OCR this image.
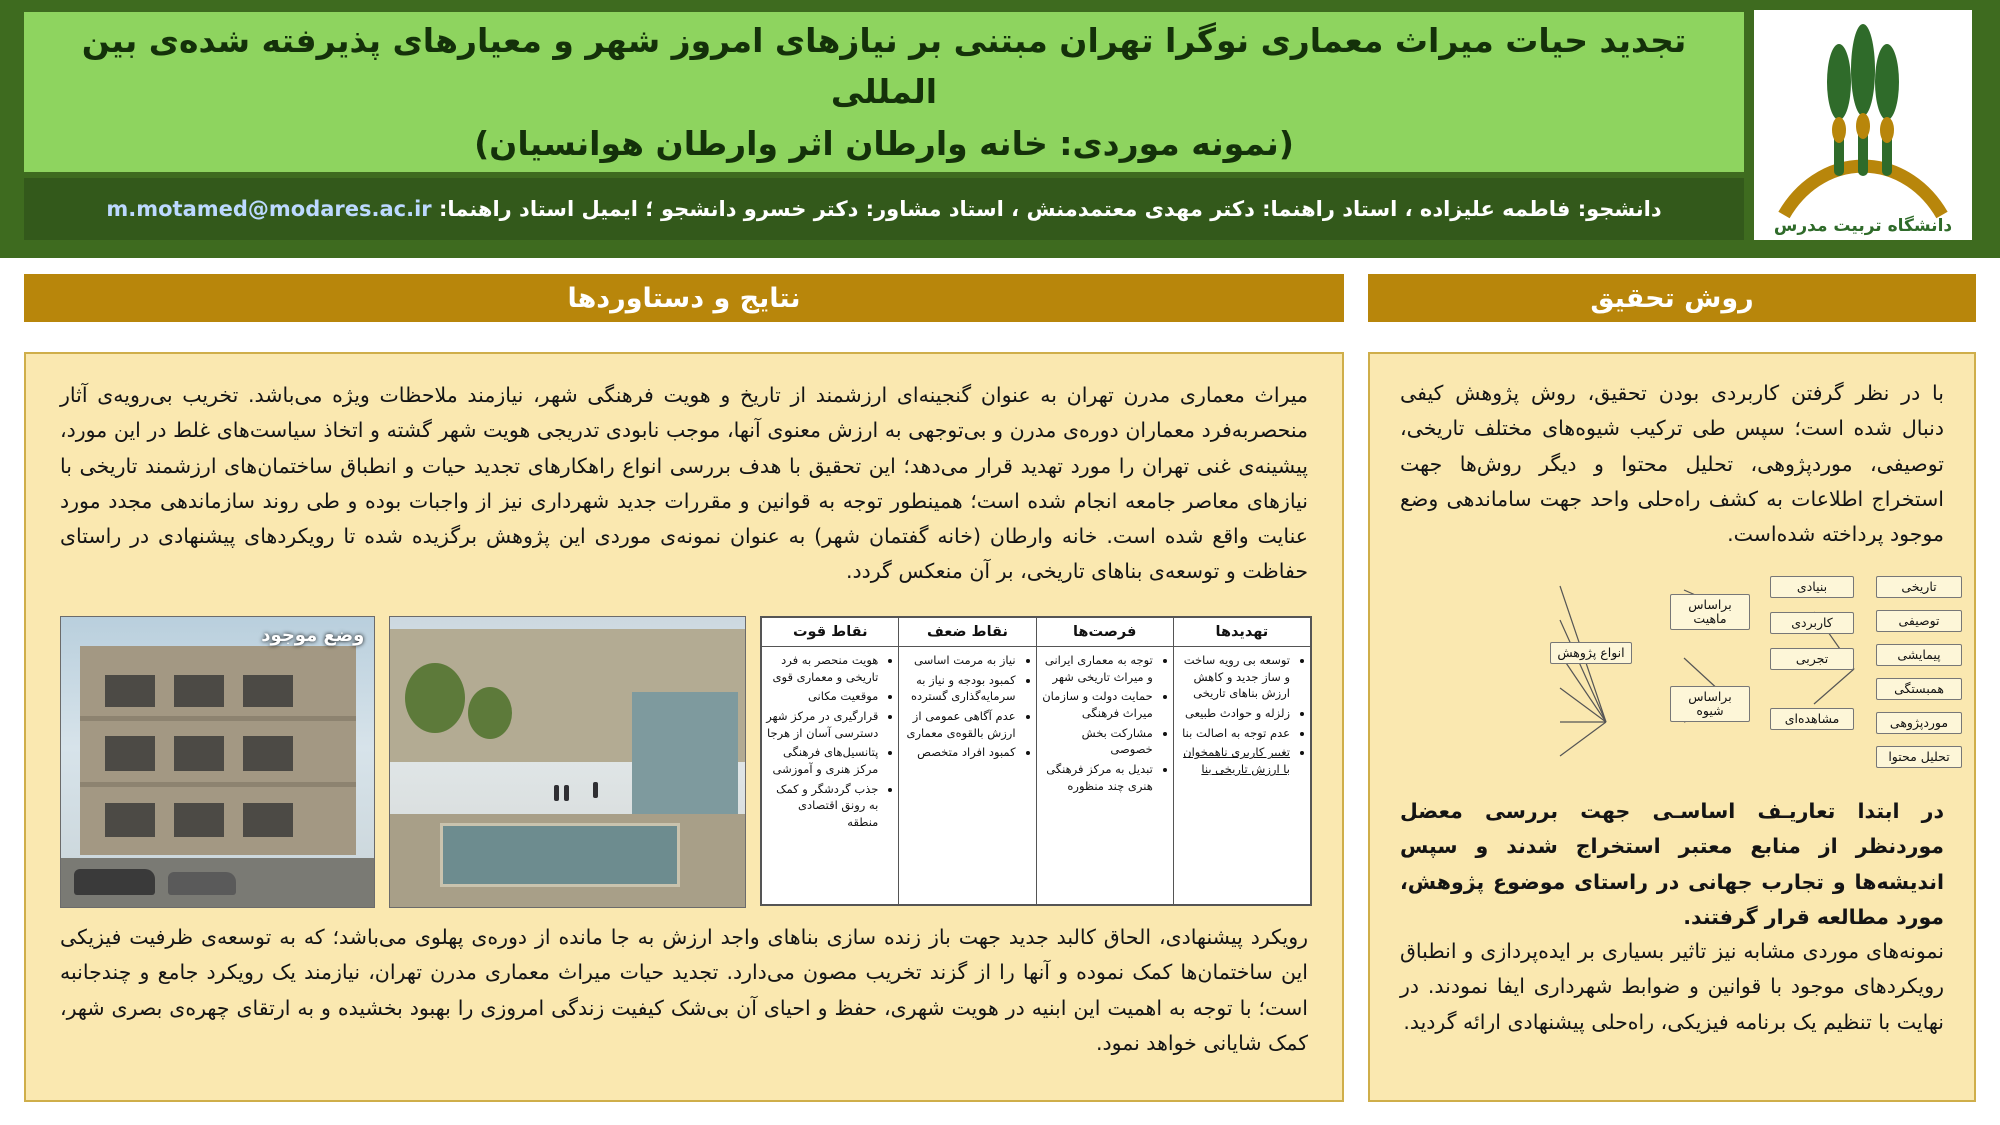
تجدید حیات میراث معماری نوگرا تهران مبتنی بر نیازهای امروز شهر و معیارهای پذیرفته شده‌ی بین المللی
(نمونه موردی: خانه وارطان اثر وارطان هوانسیان)
دانشجو: فاطمه علیزاده ، استاد راهنما: دکتر مهدی معتمدمنش ، استاد مشاور: دکتر خسرو دانشجو ؛ ایمیل استاد راهنما: m.motamed@modares.ac.ir
دانشگاه تربیت مدرس
نتایج و دستاوردها	روش تحقیق

میراث معماری مدرن تهران به عنوان گنجینه‌ای ارزشمند از تاریخ و هویت فرهنگی شهر، نیازمند ملاحظات ویژه می‌باشد. تخریب بی‌رویه‌ی آثار منحصربه‌فرد معماران دوره‌ی مدرن و بی‌توجهی به ارزش معنوی آنها، موجب نابودی تدریجی هویت شهر گشته و اتخاذ سیاست‌های غلط در این مورد، پیشینه‌ی غنی تهران را مورد تهدید قرار می‌دهد؛ این تحقیق با هدف بررسی انواع راهکارهای تجدید حیات و انطباق ساختمان‌های ارزشمند تاریخی با نیازهای معاصر جامعه انجام شده است؛ همینطور توجه به قوانین و مقررات جدید شهرداری نیز از واجبات بوده و طی روند سازماندهی مجدد مورد عنایت واقع شده است. خانه وارطان (خانه گفتمان شهر) به عنوان نمونه‌ی موردی این پژوهش برگزیده شده تا رویکردهای پیشنهادی در راستای حفاظت و توسعه‌ی بناهای تاریخی، بر آن منعکس گردد.

وضع موجود	تهدیدها	فرصت‌ها	نقاط ضعف	نقاط قوت

• توسعه بی رویه ساخت و ساز جدید و کاهش ارزش بناهای تاریخی
• زلزله و حوادث طبیعی
• عدم توجه به اصالت بنا
• تغییر کاربری ناهمخوان با ارزش تاریخی بنا

• توجه به معماری ایرانی و میراث تاریخی شهر
• حمایت دولت و سازمان میراث فرهنگی
• مشارکت بخش خصوصی
• تبدیل به مرکز فرهنگی هنری چند منظوره

• نیاز به مرمت اساسی
• کمبود بودجه و نیاز به سرمایه‌گذاری گسترده
• عدم آگاهی عمومی از ارزش بالقوه‌ی معماری
• کمبود افراد متخصص

• هویت منحصر به فرد تاریخی و معماری قوی
• موقعیت مکانی
• قرارگیری در مرکز شهر دسترسی آسان از هرجا
• پتانسیل‌های فرهنگی مرکز هنری و آموزشی
• جذب گردشگر و کمک به رونق اقتصادی منطقه

رویکرد پیشنهادی، الحاق کالبد جدید جهت باز زنده سازی بناهای واجد ارزش به جا مانده از دوره‌ی پهلوی می‌باشد؛ که به توسعه‌ی ظرفیت فیزیکی این ساختمان‌ها کمک نموده و آنها را از گزند تخریب مصون می‌دارد. تجدید حیات میراث معماری مدرن تهران، نیازمند یک رویکرد جامع و چندجانبه است؛ با توجه به اهمیت این ابنیه در هویت شهری، حفظ و احیای آن بی‌شک کیفیت زندگی امروزی را بهبود بخشیده و به ارتقای چهره‌ی بصری شهر، کمک شایانی خواهد نمود.

با در نظر گرفتن کاربردی بودن تحقیق، روش پژوهش کیفی دنبال شده است؛ سپس طی ترکیب شیوه‌های مختلف تاریخی، توصیفی، موردپژوهی، تحلیل محتوا و دیگر روش‌ها جهت استخراج اطلاعات به کشف راه‌حلی واحد جهت ساماندهی وضع موجود پرداخته شده‌است.

تحلیل محتوا
موردپژوهی
همبستگی
پیمایشی
توصیفی
تاریخی
بنیادی
کاربردی
تجربی
مشاهده‌ای
براساس ماهیت
براساس شیوه
انواع پژوهش

در ابتدا تعاریـف اساسـی جهت بررسی معضل موردنظر از منابع معتبر استخراج شدند و سپس اندیشه‌ها و تجارب جهانی در راستای موضوع پژوهش، مورد مطالعه قرار گرفتند.

نمونه‌های موردی مشابه نیز تاثیر بسیاری بر ایده‌پردازی و انطباق رویکردهای موجود با قوانین و ضوابط شهرداری ایفا نمودند. در نهایت با تنظیم یک برنامه فیزیکی، راه‌حلی پیشنهادی ارائه گردید.
